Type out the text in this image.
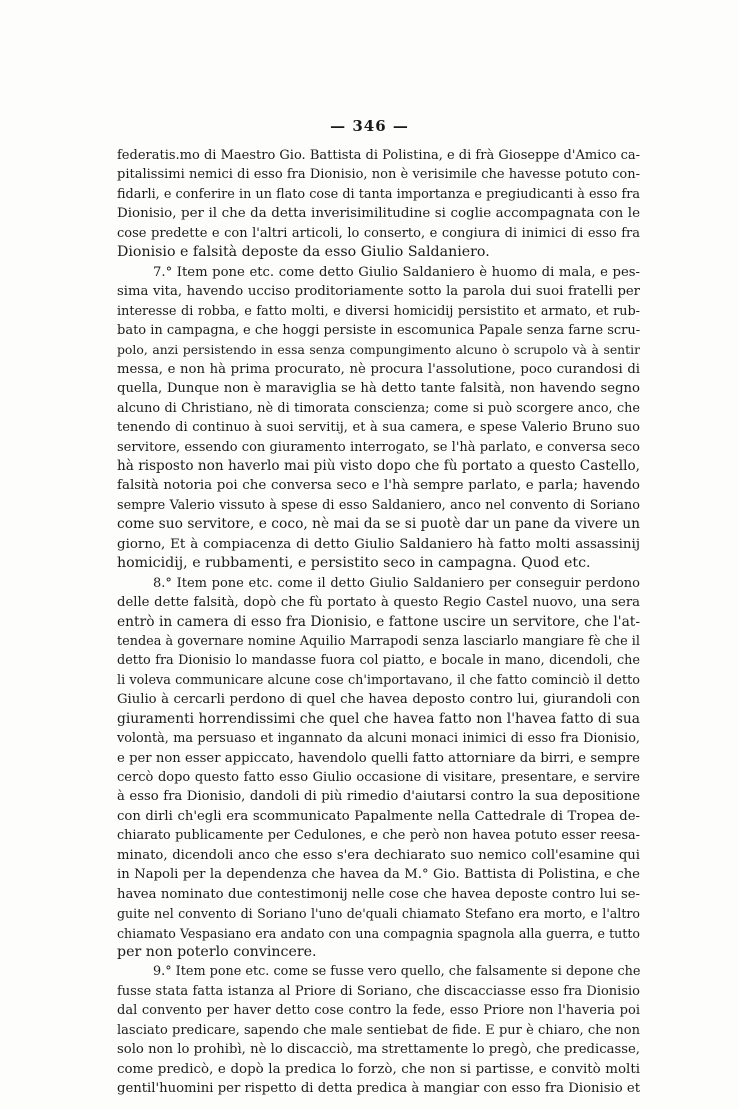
— 346 —
federatis.mo di Maestro Gio. Battista di Polistina, e di frà Gioseppe d'Amico ca-
pitalissimi nemici di esso fra Dionisio, non è verisimile che havesse potuto con-
fidarli, e conferire in un flato cose di tanta importanza e pregiudicanti à esso fra
Dionisio, per il che da detta inverisimilitudine si coglie accompagnata con le
cose predette e con l'altri articoli, lo conserto, e congiura di inimici di esso fra
Dionisio e falsità deposte da esso Giulio Saldaniero.
7.° Item pone etc. come detto Giulio Saldaniero è huomo di mala, e pes-
sima vita, havendo ucciso proditoriamente sotto la parola dui suoi fratelli per
interesse di robba, e fatto molti, e diversi homicidij persistito et armato, et rub-
bato in campagna, e che hoggi persiste in escomunica Papale senza farne scru-
polo, anzi persistendo in essa senza compungimento alcuno ò scrupolo và à sentir
messa, e non hà prima procurato, nè procura l'assolutione, poco curandosi di
quella, Dunque non è maraviglia se hà detto tante falsità, non havendo segno
alcuno di Christiano, nè di timorata conscienza; come si può scorgere anco, che
tenendo di continuo à suoi servitij, et à sua camera, e spese Valerio Bruno suo
servitore, essendo con giuramento interrogato, se l'hà parlato, e conversa seco
hà risposto non haverlo mai più visto dopo che fù portato a questo Castello,
falsità notoria poi che conversa seco e l'hà sempre parlato, e parla; havendo
sempre Valerio vissuto à spese di esso Saldaniero, anco nel convento di Soriano
come suo servitore, e coco, nè mai da se si puotè dar un pane da vivere un
giorno, Et à compiacenza di detto Giulio Saldaniero hà fatto molti assassinij
homicidij, e rubbamenti, e persistito seco in campagna. Quod etc.
8.° Item pone etc. come il detto Giulio Saldaniero per conseguir perdono
delle dette falsità, dopò che fù portato à questo Regio Castel nuovo, una sera
entrò in camera di esso fra Dionisio, e fattone uscire un servitore, che l'at-
tendea à governare nomine Aquilio Marrapodi senza lasciarlo mangiare fè che il
detto fra Dionisio lo mandasse fuora col piatto, e bocale in mano, dicendoli, che
li voleva communicare alcune cose ch'importavano, il che fatto cominciò il detto
Giulio à cercarli perdono di quel che havea deposto contro lui, giurandoli con
giuramenti horrendissimi che quel che havea fatto non l'havea fatto di sua
volontà, ma persuaso et ingannato da alcuni monaci inimici di esso fra Dionisio,
e per non esser appiccato, havendolo quelli fatto attorniare da birri, e sempre
cercò dopo questo fatto esso Giulio occasione di visitare, presentare, e servire
à esso fra Dionisio, dandoli di più rimedio d'aiutarsi contro la sua depositione
con dirli ch'egli era scommunicato Papalmente nella Cattedrale di Tropea de-
chiarato publicamente per Cedulones, e che però non havea potuto esser reesa-
minato, dicendoli anco che esso s'era dechiarato suo nemico coll'esamine qui
in Napoli per la dependenza che havea da M.° Gio. Battista di Polistina, e che
havea nominato due contestimonij nelle cose che havea deposte contro lui se-
guite nel convento di Soriano l'uno de'quali chiamato Stefano era morto, e l'altro
chiamato Vespasiano era andato con una compagnia spagnola alla guerra, e tutto
per non poterlo convincere.
9.° Item pone etc. come se fusse vero quello, che falsamente si depone che
fusse stata fatta istanza al Priore di Soriano, che discacciasse esso fra Dionisio
dal convento per haver detto cose contro la fede, esso Priore non l'haveria poi
lasciato predicare, sapendo che male sentiebat de fide. E pur è chiaro, che non
solo non lo prohibì, nè lo discacciò, ma strettamente lo pregò, che predicasse,
come predicò, e dopò la predica lo forzò, che non si partisse, e convitò molti
gentil'huomini per rispetto di detta predica à mangiar con esso fra Dionisio et
